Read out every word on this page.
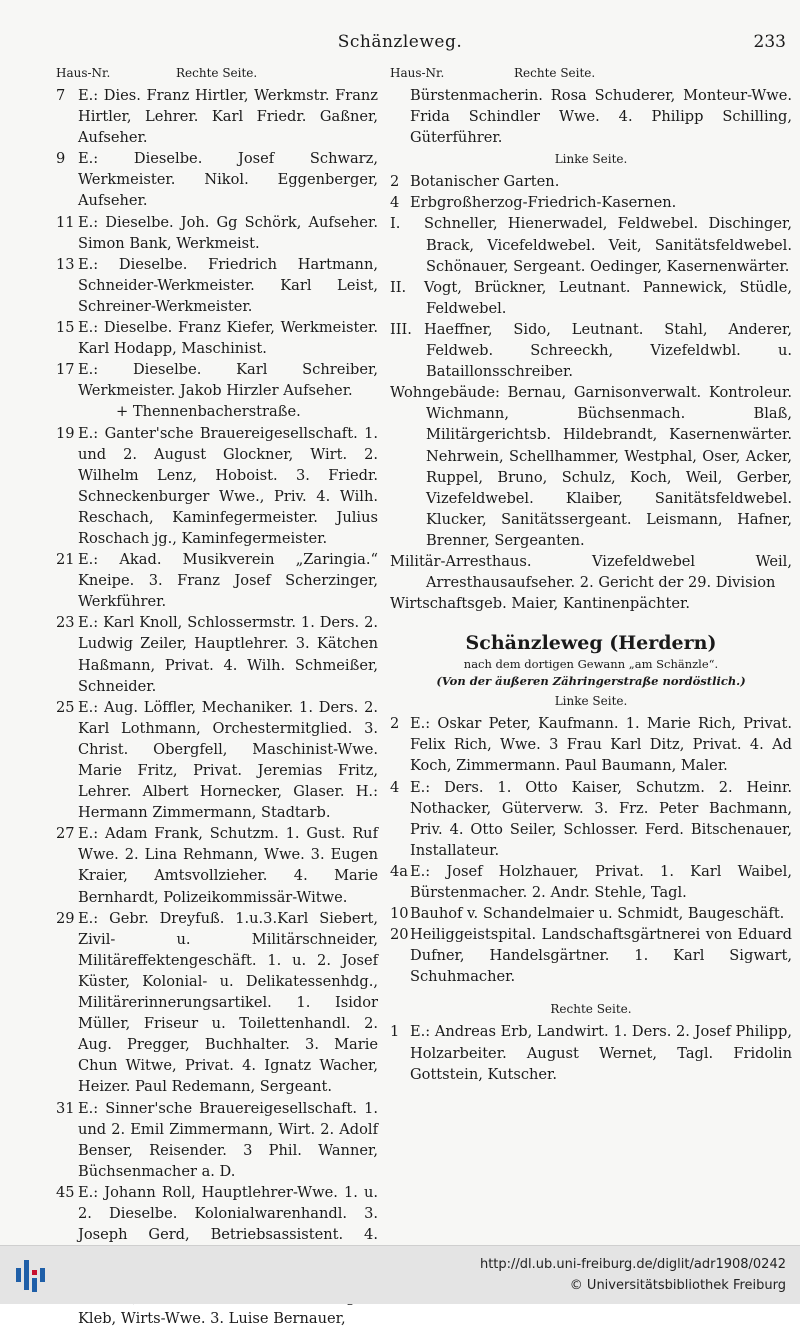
Schänzleweg.	233
Haus-Nr.	Rechte Seite.
7 E.: Dies. Franz Hirtler, Werkmstr. Franz Hirtler, Lehrer. Karl Friedr. Gaßner, Aufseher.
9 E.: Dieselbe. Josef Schwarz, Werkmeister. Nikol. Eggenberger, Aufseher.
11 E.: Dieselbe. Joh. Gg Schörk, Aufseher. Simon Bank, Werkmeist.
13 E.: Dieselbe. Friedrich Hartmann, Schneider-Werkmeister. Karl Leist, Schreiner-Werkmeister.
15 E.: Dieselbe. Franz Kiefer, Werkmeister. Karl Hodapp, Maschinist.
17 E.: Dieselbe. Karl Schreiber, Werkmeister. Jakob Hirzler Aufseher.
+ Thennenbacherstraße.
19 E.: Ganter'sche Brauereigesellschaft. 1. und 2. August Glockner, Wirt. 2. Wilhelm Lenz, Hoboist. 3. Friedr. Schneckenburger Wwe., Priv. 4. Wilh. Reschach, Kaminfegermeister. Julius Roschach jg., Kaminfegermeister.
21 E.: Akad. Musikverein „Zaringia.“ Kneipe. 3. Franz Josef Scherzinger, Werkführer.
23 E.: Karl Knoll, Schlossermstr. 1. Ders. 2. Ludwig Zeiler, Hauptlehrer. 3. Kätchen Haßmann, Privat. 4. Wilh. Schmeißer, Schneider.
25 E.: Aug. Löffler, Mechaniker. 1. Ders. 2. Karl Lothmann, Orchestermitglied. 3. Christ. Obergfell, Maschinist-Wwe. Marie Fritz, Privat. Jeremias Fritz, Lehrer. Albert Hornecker, Glaser. H.: Hermann Zimmermann, Stadtarb.
27 E.: Adam Frank, Schutzm. 1. Gust. Ruf Wwe. 2. Lina Rehmann, Wwe. 3. Eugen Kraier, Amtsvollzieher. 4. Marie Bernhardt, Polizeikommissär-Witwe.
29 E.: Gebr. Dreyfuß. 1.u.3.Karl Siebert, Zivil- u. Militärschneider, Militäreffektengeschäft. 1. u. 2. Josef Küster, Kolonial- u. Delikatessenhdg., Militärerinnerungsartikel. 1. Isidor Müller, Friseur u. Toilettenhandl. 2. Aug. Pregger, Buchhalter. 3. Marie Chun Witwe, Privat. 4. Ignatz Wacher, Heizer. Paul Redemann, Sergeant.
31 E.: Sinner'sche Brauereigesellschaft. 1. und 2. Emil Zimmermann, Wirt. 2. Adolf Benser, Reisender. 3 Phil. Wanner, Büchsenmacher a. D.
45 E.: Johann Roll, Hauptlehrer-Wwe. 1. u. 2. Dieselbe. Kolonialwarenhandl. 3. Joseph Gerd, Betriebsassistent. 4.
Kleb, Wirts-Wwe. 3. Luise Bernauer,
Haus-Nr.	Rechte Seite.
Bürstenmacherin. Rosa Schuderer, Monteur-Wwe. Frida Schindler Wwe. 4. Philipp Schilling, Güterführer.
Linke Seite.
2 Botanischer Garten.
4 Erbgroßherzog-Friedrich-Kasernen.
I. Schneller, Hienerwadel, Feldwebel. Dischinger, Brack, Vicefeldwebel. Veit, Sanitätsfeldwebel. Schönauer, Sergeant. Oedinger, Kasernenwärter.
II. Vogt, Brückner, Leutnant. Pannewick, Stüdle, Feldwebel.
III. Haeffner, Sido, Leutnant. Stahl, Anderer, Feldweb. Schreeckh, Vizefeldwbl. u. Bataillonsschreiber.
Wohngebäude: Bernau, Garnisonverwalt. Kontroleur. Wichmann, Büchsenmach. Blaß, Militärgerichtsb. Hildebrandt, Kasernenwärter. Nehrwein, Schellhammer, Westphal, Oser, Acker, Ruppel, Bruno, Schulz, Koch, Weil, Gerber, Vizefeldwebel. Klaiber, Sanitätsfeldwebel. Klucker, Sanitätssergeant. Leismann, Hafner, Brenner, Sergeanten.
Militär-Arresthaus. Vizefeldwebel Weil, Arresthausaufseher. 2. Gericht der 29. Division
Wirtschaftsgeb. Maier, Kantinenpächter.
Schänzleweg (Herdern)
nach dem dortigen Gewann „am Schänzle“.
(Von der äußeren Zähringerstraße nordöstlich.)
Linke Seite.
2 E.: Oskar Peter, Kaufmann. 1. Marie Rich, Privat. Felix Rich, Wwe. 3 Frau Karl Ditz, Privat. 4. Ad Koch, Zimmermann. Paul Baumann, Maler.
4 E.: Ders. 1. Otto Kaiser, Schutzm. 2. Heinr. Nothacker, Güterverw. 3. Frz. Peter Bachmann, Priv. 4. Otto Seiler, Schlosser. Ferd. Bitschenauer, Installateur.
4a E.: Josef Holzhauer, Privat. 1. Karl Waibel, Bürstenmacher. 2. Andr. Stehle, Tagl.
10Bauhof v. Schandelmaier u. Schmidt, Baugeschäft.
20Heiliggeistspital. Landschaftsgärtnerei von Eduard Dufner, Handelsgärtner. 1. Karl Sigwart, Schuhmacher.
Rechte Seite.
1 E.: Andreas Erb, Landwirt. 1. Ders. 2. Josef Philipp, Holzarbeiter. August Wernet, Tagl. Fridolin Gottstein, Kutscher.
http://dl.ub.uni-freiburg.de/diglit/adr1908/0242
© Universitätsbibliothek Freiburg
